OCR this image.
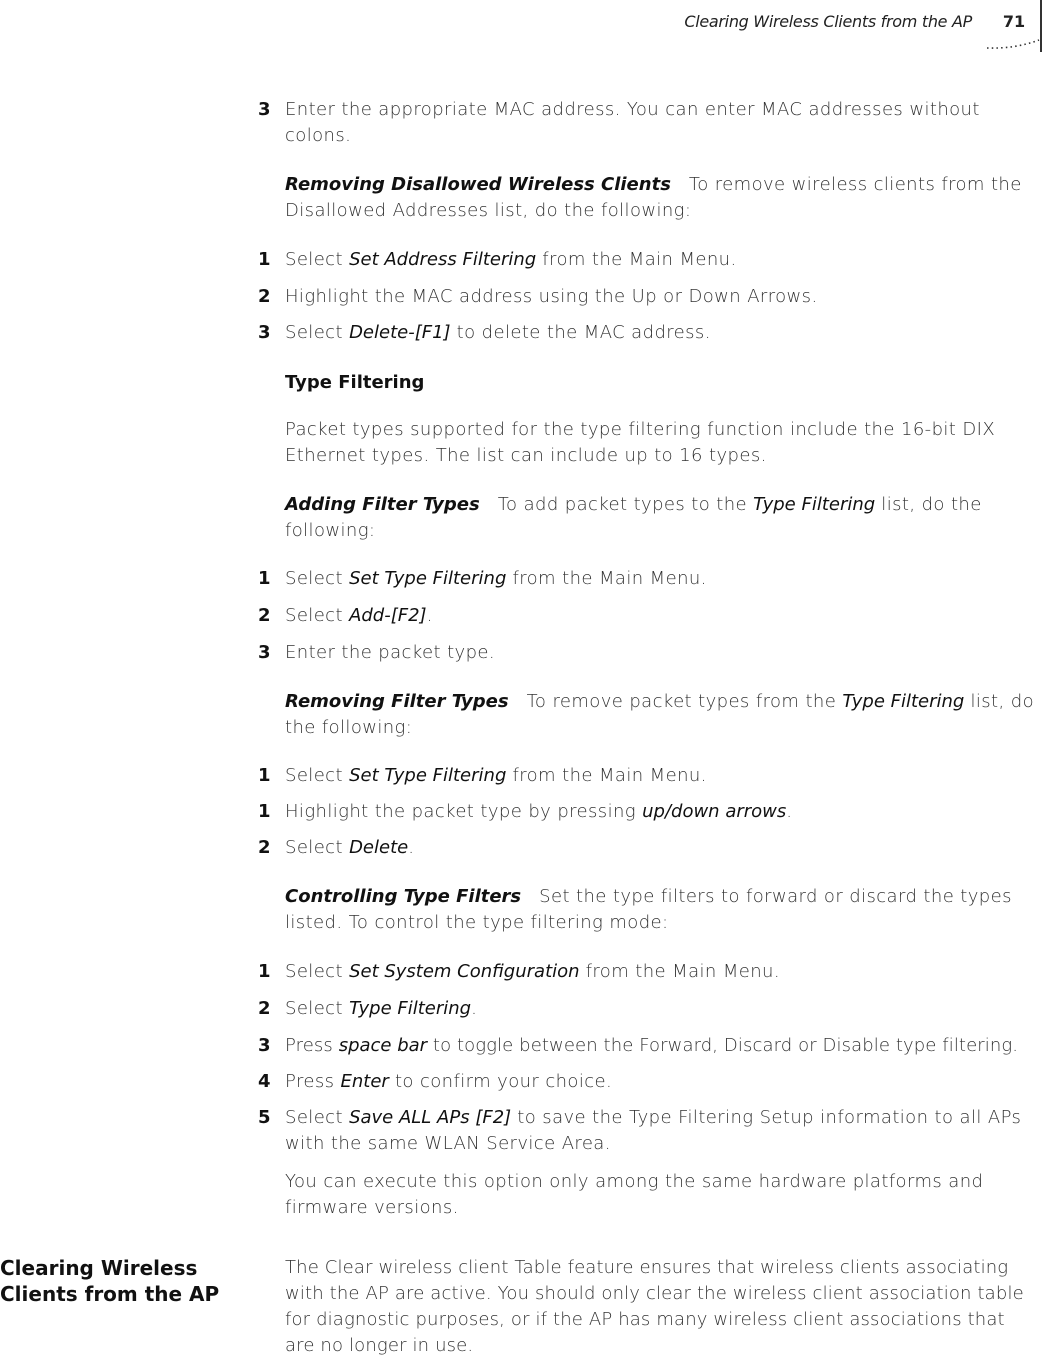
Clearing Wireless Clients from the AP	71
3 Enter the appropriate MAC address. You can enter MAC addresses without colons.
Removing Disallowed Wireless Clients To remove wireless clients from the Disallowed Addresses list, do the following:
1 Select Set Address Filtering from the Main Menu.
2 Highlight the MAC address using the Up or Down Arrows.
3 Select Delete-[F1] to delete the MAC address.
Type Filtering
Packet types supported for the type filtering function include the 16-bit DIX Ethernet types. The list can include up to 16 types.
Adding Filter Types To add packet types to the Type Filtering list, do the following:
1 Select Set Type Filtering from the Main Menu.
2 Select Add-[F2].
3 Enter the packet type.
Removing Filter Types To remove packet types from the Type Filtering list, do the following:
1 Select Set Type Filtering from the Main Menu.
1 Highlight the packet type by pressing up/down arrows.
2 Select Delete.
Controlling Type Filters Set the type filters to forward or discard the types listed. To control the type filtering mode:
1 Select Set System Configuration from the Main Menu.
2 Select Type Filtering.
3 Press space bar to toggle between the Forward, Discard or Disable type filtering.
4 Press Enter to confirm your choice.
5 Select Save ALL APs [F2] to save the Type Filtering Setup information to all APs with the same WLAN Service Area.
You can execute this option only among the same hardware platforms and firmware versions.
Clearing Wireless
Clients from the AP
The Clear wireless client Table feature ensures that wireless clients associating with the AP are active. You should only clear the wireless client association table for diagnostic purposes, or if the AP has many wireless client associations that are no longer in use.
